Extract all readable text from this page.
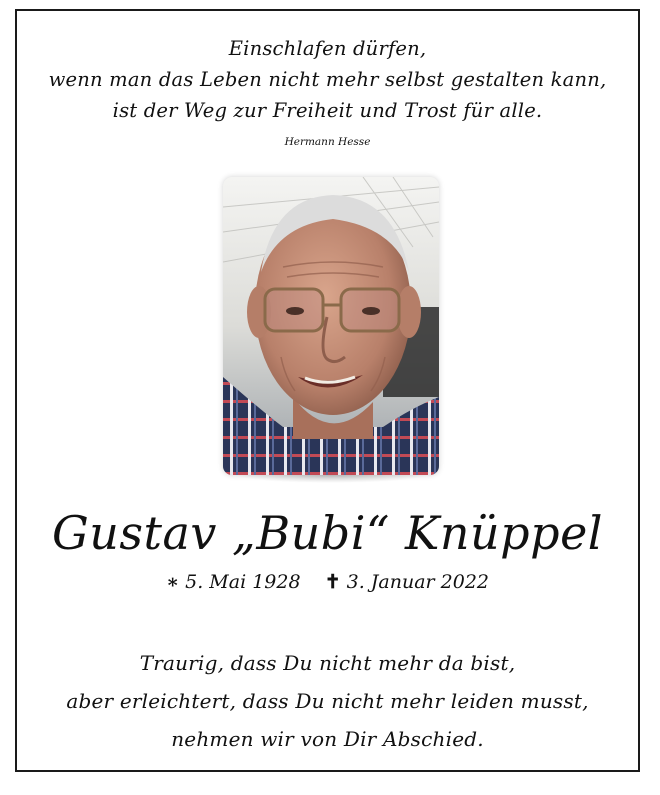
Einschlafen dürfen,
wenn man das Leben nicht mehr selbst gestalten kann,
ist der Weg zur Freiheit und Trost für alle.
Hermann Hesse
Gustav „Bubi“ Knüppel
∗ 5. Mai 1928 ✝ 3. Januar 2022
Traurig, dass Du nicht mehr da bist,
aber erleichtert, dass Du nicht mehr leiden musst,
nehmen wir von Dir Abschied.
